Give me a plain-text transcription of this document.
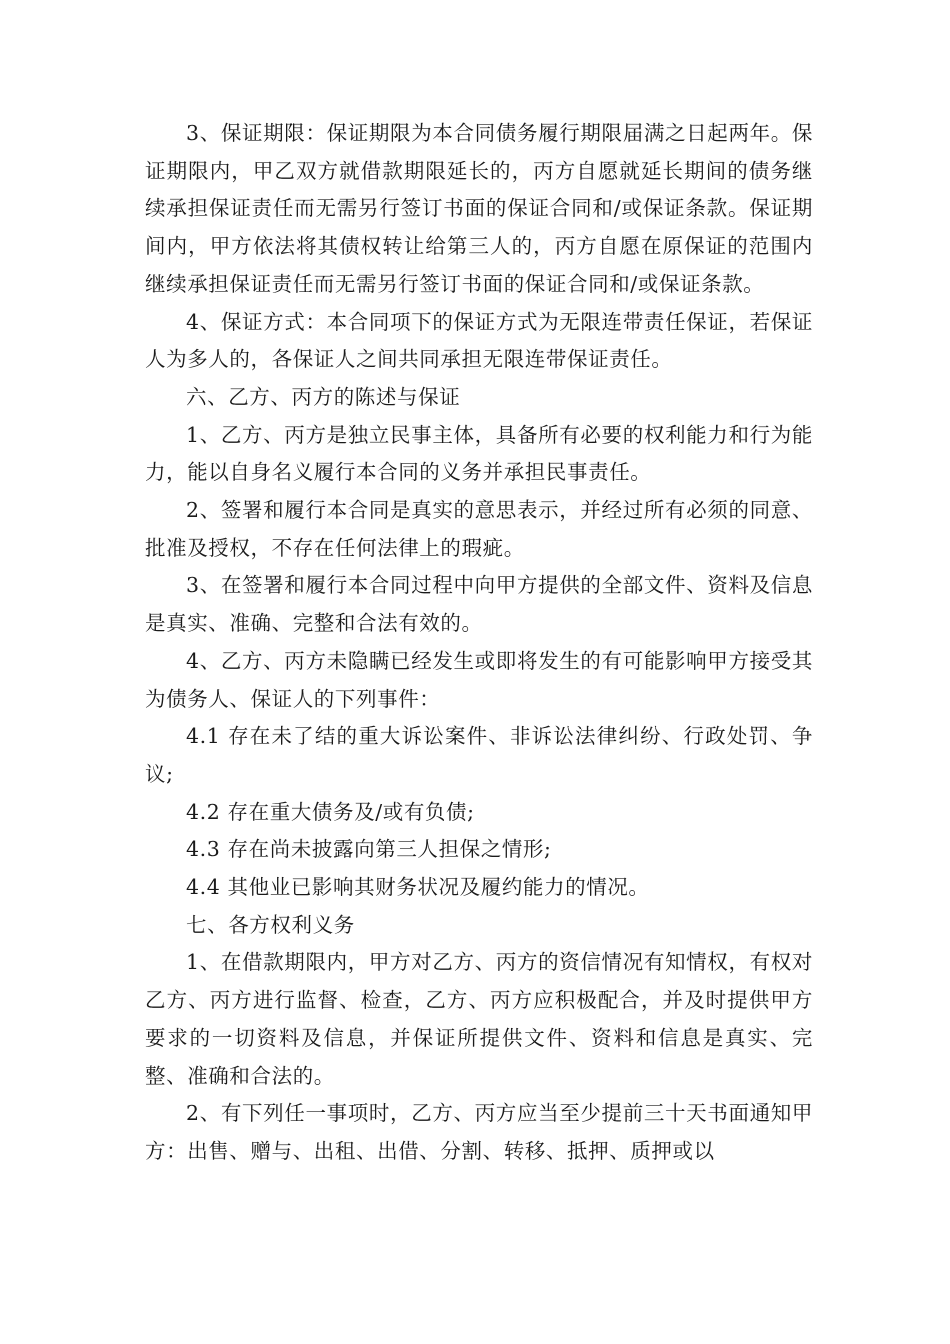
3、保证期限：保证期限为本合同债务履行期限届满之日起两年。保证期限内，甲乙双方就借款期限延长的，丙方自愿就延长期间的债务继续承担保证责任而无需另行签订书面的保证合同和/或保证条款。保证期间内，甲方依法将其债权转让给第三人的，丙方自愿在原保证的范围内继续承担保证责任而无需另行签订书面的保证合同和/或保证条款。

4、保证方式：本合同项下的保证方式为无限连带责任保证，若保证人为多人的，各保证人之间共同承担无限连带保证责任。

六、乙方、丙方的陈述与保证

1、乙方、丙方是独立民事主体，具备所有必要的权利能力和行为能力，能以自身名义履行本合同的义务并承担民事责任。

2、签署和履行本合同是真实的意思表示，并经过所有必须的同意、批准及授权，不存在任何法律上的瑕疵。

3、在签署和履行本合同过程中向甲方提供的全部文件、资料及信息是真实、准确、完整和合法有效的。

4、乙方、丙方未隐瞒已经发生或即将发生的有可能影响甲方接受其为债务人、保证人的下列事件：

4.1 存在未了结的重大诉讼案件、非诉讼法律纠纷、行政处罚、争议;

4.2 存在重大债务及/或有负债;

4.3 存在尚未披露向第三人担保之情形;

4.4 其他业已影响其财务状况及履约能力的情况。

七、各方权利义务

1、在借款期限内，甲方对乙方、丙方的资信情况有知情权，有权对乙方、丙方进行监督、检查，乙方、丙方应积极配合，并及时提供甲方要求的一切资料及信息，并保证所提供文件、资料和信息是真实、完整、准确和合法的。

2、有下列任一事项时，乙方、丙方应当至少提前三十天书面通知甲方：出售、赠与、出租、出借、分割、转移、抵押、质押或以
